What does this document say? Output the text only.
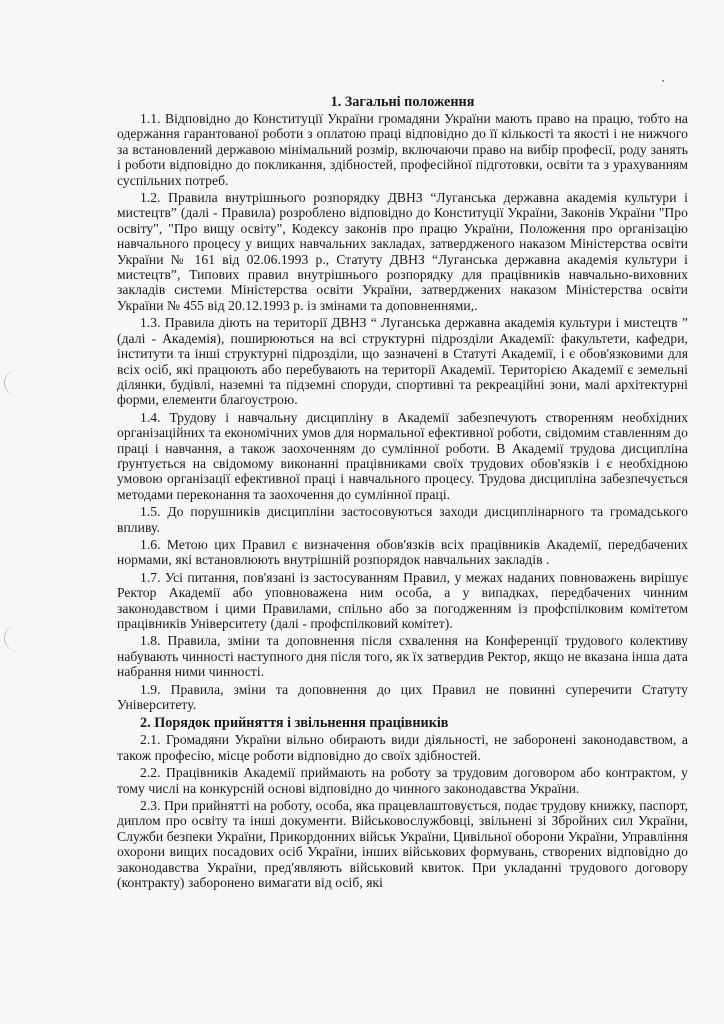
1. Загальні положення

1.1. Відповідно до Конституції України громадяни України мають право на працю, тобто на одержання гарантованої роботи з оплатою праці відповідно до її кількості та якості і не нижчого за встановлений державою мінімальний розмір, включаючи право на вибір професії, роду занять і роботи відповідно до покликання, здібностей, професійної підготовки, освіти та з урахуванням суспільних потреб.

1.2. Правила внутрішнього розпорядку ДВНЗ “Луганська державна академія культури і мистецтв” (далі - Правила) розроблено відповідно до Конституції України, Законів України "Про освіту", "Про вищу освіту", Кодексу законів про працю України, Положення про організацію навчального процесу у вищих навчальних закладах, затвердженого наказом Міністерства освіти України № 161 від 02.06.1993 р., Статуту ДВНЗ “Луганська державна академія культури і мистецтв”, Типових правил внутрішнього розпорядку для працівників навчально-виховних закладів системи Міністерства освіти України, затверджених наказом Міністерства освіти України № 455 від 20.12.1993 р. із змінами та доповненнями,.

1.3. Правила діють на території ДВНЗ “ Луганська державна академія культури і мистецтв ” (далі - Академія), поширюються на всі структурні підрозділи Академії: факультети, кафедри, інститути та інші структурні підрозділи, що зазначені в Статуті Академії, і є обов'язковими для всіх осіб, які працюють або перебувають на території Академії. Територією Академії є земельні ділянки, будівлі, наземні та підземні споруди, спортивні та рекреаційні зони, малі архітектурні форми, елементи благоустрою.

1.4. Трудову і навчальну дисципліну в Академії забезпечують створенням необхідних організаційних та економічних умов для нормальної ефективної роботи, свідомим ставленням до праці і навчання, а також заохоченням до сумлінної роботи. В Академії трудова дисципліна ґрунтується на свідомому виконанні працівниками своїх трудових обов'язків і є необхідною умовою організації ефективної праці і навчального процесу. Трудова дисципліна забезпечується методами переконання та заохочення до сумлінної праці.

1.5. До порушників дисципліни застосовуються заходи дисциплінарного та громадського впливу.

1.6. Метою цих Правил є визначення обов'язків всіх працівників Академії, передбачених нормами, які встановлюють внутрішній розпорядок навчальних закладів .

1.7. Усі питання, пов'язані із застосуванням Правил, у межах наданих повноважень вирішує Ректор Академії або уповноважена ним особа, а у випадках, передбачених чинним законодавством і цими Правилами, спільно або за погодженням із профспілковим комітетом працівників Університету (далі - профспілковий комітет).

1.8. Правила, зміни та доповнення після схвалення на Конференції трудового колективу набувають чинності наступного дня після того, як їх затвердив Ректор, якщо не вказана інша дата набрання ними чинності.

1.9. Правила, зміни та доповнення до цих Правил не повинні суперечити Статуту Університету.

2. Порядок прийняття і звільнення працівників

2.1. Громадяни України вільно обирають види діяльності, не заборонені законодавством, а також професію, місце роботи відповідно до своїх здібностей.

2.2. Працівників Академії приймають на роботу за трудовим договором або контрактом, у тому числі на конкурсній основі відповідно до чинного законодавства України.

2.3. При прийнятті на роботу, особа, яка працевлаштовується, подає трудову книжку, паспорт, диплом про освіту та інші документи. Військовослужбовці, звільнені зі Збройних сил України, Служби безпеки України, Прикордонних військ України, Цивільної оборони України, Управління охорони вищих посадових осіб України, інших військових формувань, створених відповідно до законодавства України, пред'являють військовий квиток. При укладанні трудового договору (контракту) заборонено вимагати від осіб, які
